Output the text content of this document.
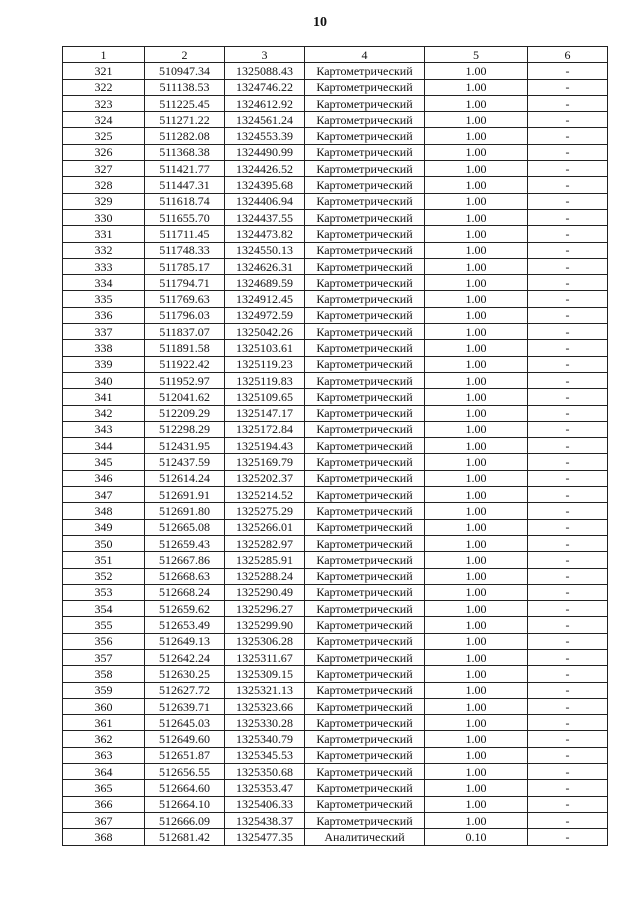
10
1	2	3	4	5	6
321	510947.34	1325088.43	Картометрический	1.00	-
322	511138.53	1324746.22	Картометрический	1.00	-
323	511225.45	1324612.92	Картометрический	1.00	-
324	511271.22	1324561.24	Картометрический	1.00	-
325	511282.08	1324553.39	Картометрический	1.00	-
326	511368.38	1324490.99	Картометрический	1.00	-
327	511421.77	1324426.52	Картометрический	1.00	-
328	511447.31	1324395.68	Картометрический	1.00	-
329	511618.74	1324406.94	Картометрический	1.00	-
330	511655.70	1324437.55	Картометрический	1.00	-
331	511711.45	1324473.82	Картометрический	1.00	-
332	511748.33	1324550.13	Картометрический	1.00	-
333	511785.17	1324626.31	Картометрический	1.00	-
334	511794.71	1324689.59	Картометрический	1.00	-
335	511769.63	1324912.45	Картометрический	1.00	-
336	511796.03	1324972.59	Картометрический	1.00	-
337	511837.07	1325042.26	Картометрический	1.00	-
338	511891.58	1325103.61	Картометрический	1.00	-
339	511922.42	1325119.23	Картометрический	1.00	-
340	511952.97	1325119.83	Картометрический	1.00	-
341	512041.62	1325109.65	Картометрический	1.00	-
342	512209.29	1325147.17	Картометрический	1.00	-
343	512298.29	1325172.84	Картометрический	1.00	-
344	512431.95	1325194.43	Картометрический	1.00	-
345	512437.59	1325169.79	Картометрический	1.00	-
346	512614.24	1325202.37	Картометрический	1.00	-
347	512691.91	1325214.52	Картометрический	1.00	-
348	512691.80	1325275.29	Картометрический	1.00	-
349	512665.08	1325266.01	Картометрический	1.00	-
350	512659.43	1325282.97	Картометрический	1.00	-
351	512667.86	1325285.91	Картометрический	1.00	-
352	512668.63	1325288.24	Картометрический	1.00	-
353	512668.24	1325290.49	Картометрический	1.00	-
354	512659.62	1325296.27	Картометрический	1.00	-
355	512653.49	1325299.90	Картометрический	1.00	-
356	512649.13	1325306.28	Картометрический	1.00	-
357	512642.24	1325311.67	Картометрический	1.00	-
358	512630.25	1325309.15	Картометрический	1.00	-
359	512627.72	1325321.13	Картометрический	1.00	-
360	512639.71	1325323.66	Картометрический	1.00	-
361	512645.03	1325330.28	Картометрический	1.00	-
362	512649.60	1325340.79	Картометрический	1.00	-
363	512651.87	1325345.53	Картометрический	1.00	-
364	512656.55	1325350.68	Картометрический	1.00	-
365	512664.60	1325353.47	Картометрический	1.00	-
366	512664.10	1325406.33	Картометрический	1.00	-
367	512666.09	1325438.37	Картометрический	1.00	-
368	512681.42	1325477.35	Аналитический	0.10	-
